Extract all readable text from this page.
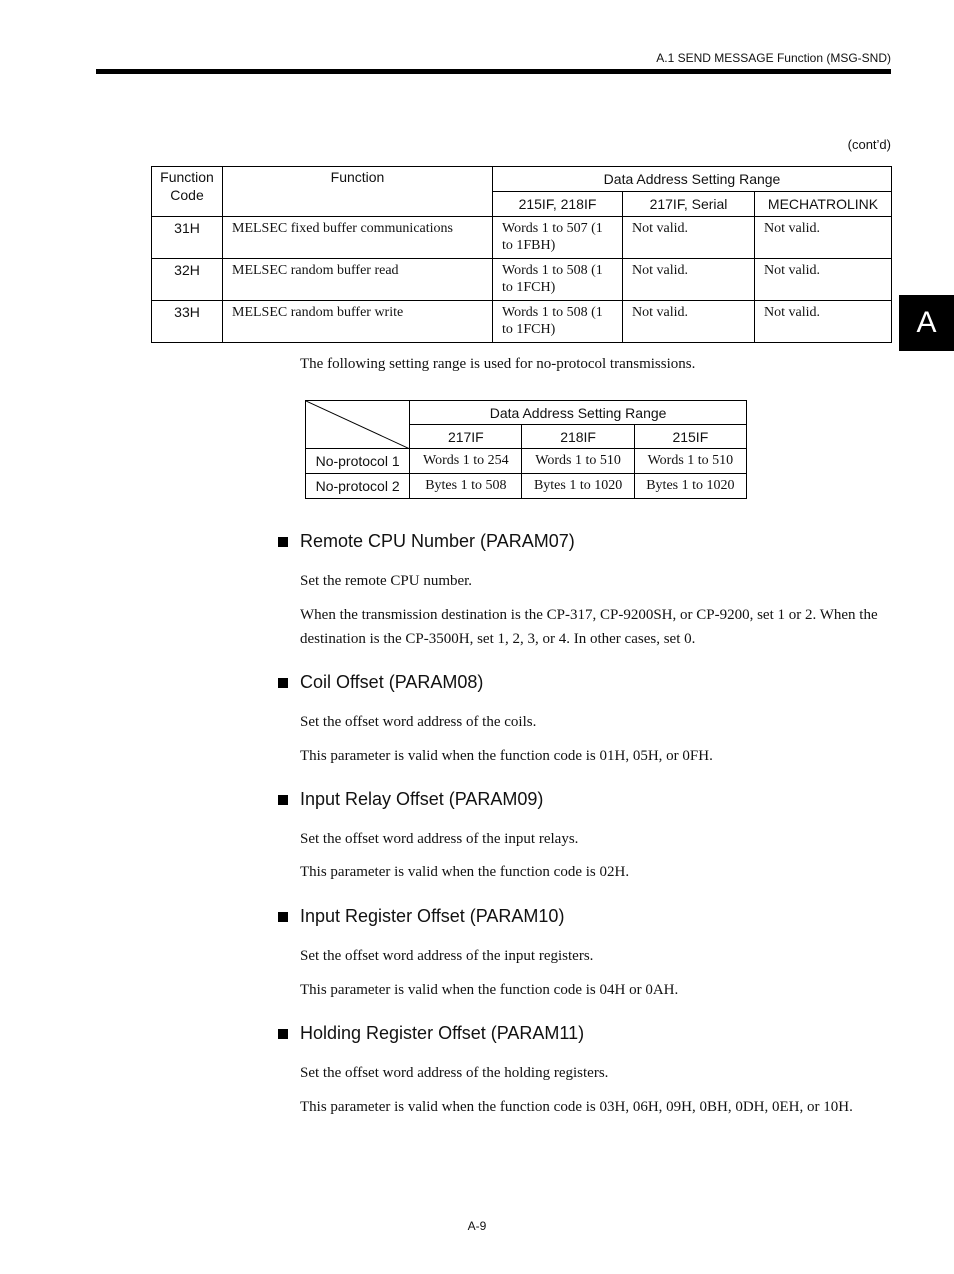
A.1 SEND MESSAGE Function (MSG-SND)
A
(cont’d)
Function Code	Function	Data Address Setting Range		
		215IF, 218IF	217IF, Serial	MECHATROLINK
31H	MELSEC fixed buffer communications	Words 1 to 507 (1 to 1FBH)	Not valid.	Not valid.
32H	MELSEC random buffer read	Words 1 to 508 (1 to 1FCH)	Not valid.	Not valid.
33H	MELSEC random buffer write	Words 1 to 508 (1 to 1FCH)	Not valid.	Not valid.
The following setting range is used for no-protocol transmissions.
	Data Address Setting Range		
	217IF	218IF	215IF
No-protocol 1	Words 1 to 254	Words 1 to 510	Words 1 to 510
No-protocol 2	Bytes 1 to 508	Bytes 1 to 1020	Bytes 1 to 1020
Remote CPU Number (PARAM07)
Set the remote CPU number.
When the transmission destination is the CP-317, CP-9200SH, or CP-9200, set 1 or 2. When the destination is the CP-3500H, set 1, 2, 3, or 4. In other cases, set 0.
Coil Offset (PARAM08)
Set the offset word address of the coils.
This parameter is valid when the function code is 01H, 05H, or 0FH.
Input Relay Offset (PARAM09)
Set the offset word address of the input relays.
This parameter is valid when the function code is 02H.
Input Register Offset (PARAM10)
Set the offset word address of the input registers.
This parameter is valid when the function code is 04H or 0AH.
Holding Register Offset (PARAM11)
Set the offset word address of the holding registers.
This parameter is valid when the function code is 03H, 06H, 09H, 0BH, 0DH, 0EH, or 10H.
A-9
